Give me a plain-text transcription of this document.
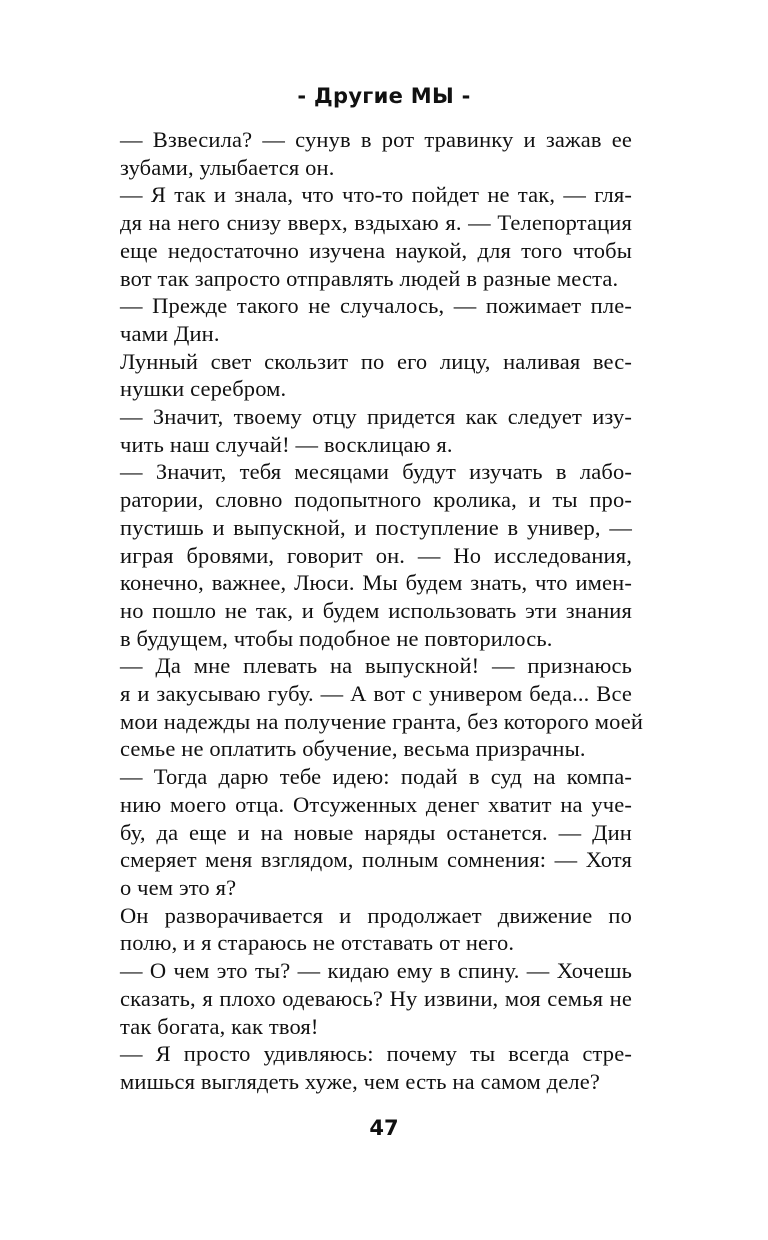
- Другие МЫ -
— Взвесила? — сунув в рот травинку и зажав ее
зубами, улыбается он.
— Я так и знала, что что-то пойдет не так, — гля-
дя на него снизу вверх, вздыхаю я. — Телепортация
еще недостаточно изучена наукой, для того чтобы
вот так запросто отправлять людей в разные места.
— Прежде такого не случалось, — пожимает пле-
чами Дин.
Лунный свет скользит по его лицу, наливая вес-
нушки серебром.
— Значит, твоему отцу придется как следует изу-
чить наш случай! — восклицаю я.
— Значит, тебя месяцами будут изучать в лабо-
ратории, словно подопытного кролика, и ты про-
пустишь и выпускной, и поступление в универ, —
играя бровями, говорит он. — Но исследования,
конечно, важнее, Люси. Мы будем знать, что имен-
но пошло не так, и будем использовать эти знания
в будущем, чтобы подобное не повторилось.
— Да мне плевать на выпускной! — признаюсь
я и закусываю губу. — А вот с универом беда... Все
мои надежды на получение гранта, без которого моей
семье не оплатить обучение, весьма призрачны.
— Тогда дарю тебе идею: подай в суд на компа-
нию моего отца. Отсуженных денег хватит на уче-
бу, да еще и на новые наряды останется. — Дин
смеряет меня взглядом, полным сомнения: — Хотя
о чем это я?
Он разворачивается и продолжает движение по
полю, и я стараюсь не отставать от него.
— О чем это ты? — кидаю ему в спину. — Хочешь
сказать, я плохо одеваюсь? Ну извини, моя семья не
так богата, как твоя!
— Я просто удивляюсь: почему ты всегда стре-
мишься выглядеть хуже, чем есть на самом деле?
47
